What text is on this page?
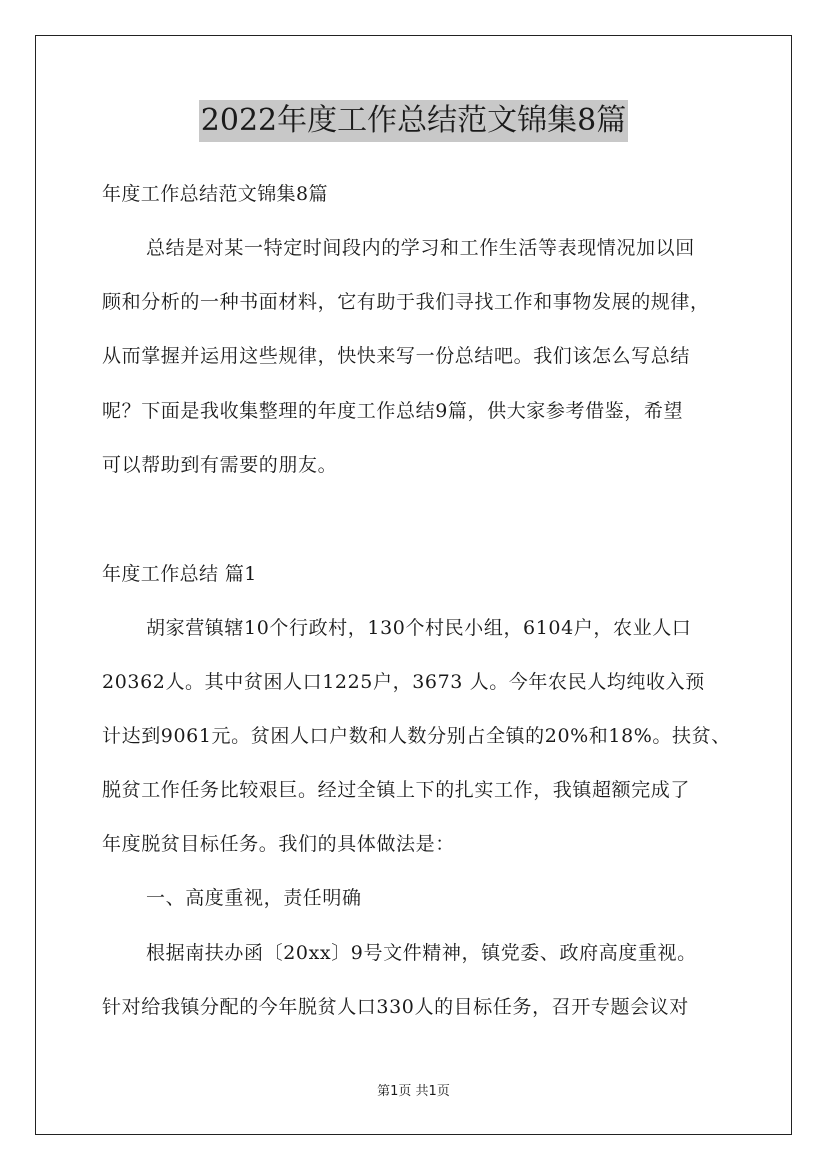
2022年度工作总结范文锦集8篇
年度工作总结范文锦集8篇
总结是对某一特定时间段内的学习和工作生活等表现情况加以回
顾和分析的一种书面材料，它有助于我们寻找工作和事物发展的规律，
从而掌握并运用这些规律，快快来写一份总结吧。我们该怎么写总结
呢？下面是我收集整理的年度工作总结9篇，供大家参考借鉴，希望
可以帮助到有需要的朋友。
年度工作总结 篇1
胡家营镇辖10个行政村，130个村民小组，6104户，农业人口
20362人。其中贫困人口1225户，3673 人。今年农民人均纯收入预
计达到9061元。贫困人口户数和人数分别占全镇的20%和18%。扶贫、
脱贫工作任务比较艰巨。经过全镇上下的扎实工作，我镇超额完成了
年度脱贫目标任务。我们的具体做法是：
一、高度重视，责任明确
根据南扶办函〔20xx〕9号文件精神，镇党委、政府高度重视。
针对给我镇分配的今年脱贫人口330人的目标任务，召开专题会议对
第1页 共1页
